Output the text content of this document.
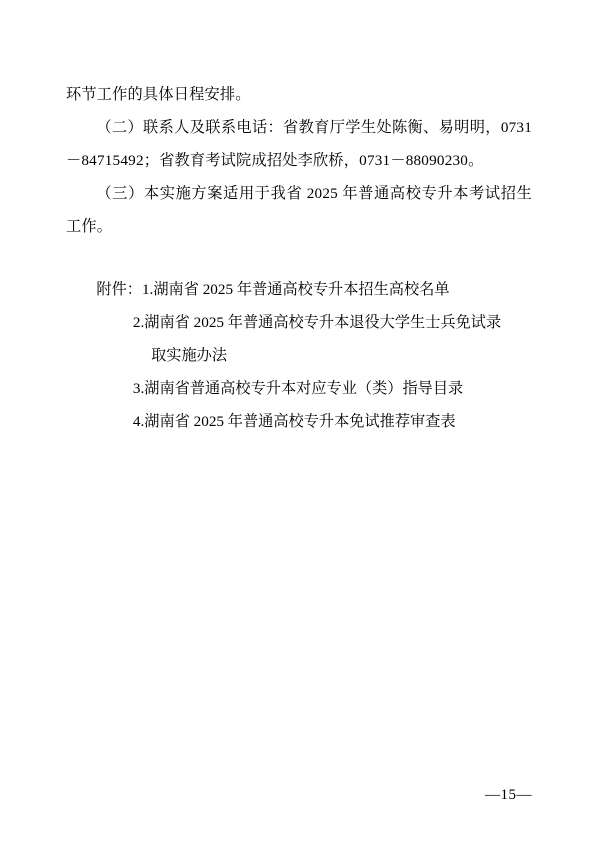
环节工作的具体日程安排。

（二）联系人及联系电话：省教育厅学生处陈衡、易明明，0731－84715492；省教育考试院成招处李欣桥，0731－88090230。

（三）本实施方案适用于我省 2025 年普通高校专升本考试招生工作。

附件：1.湖南省 2025 年普通高校专升本招生高校名单
2.湖南省 2025 年普通高校专升本退役大学生士兵免试录
取实施办法
3.湖南省普通高校专升本对应专业（类）指导目录
4.湖南省 2025 年普通高校专升本免试推荐审查表
—15—
